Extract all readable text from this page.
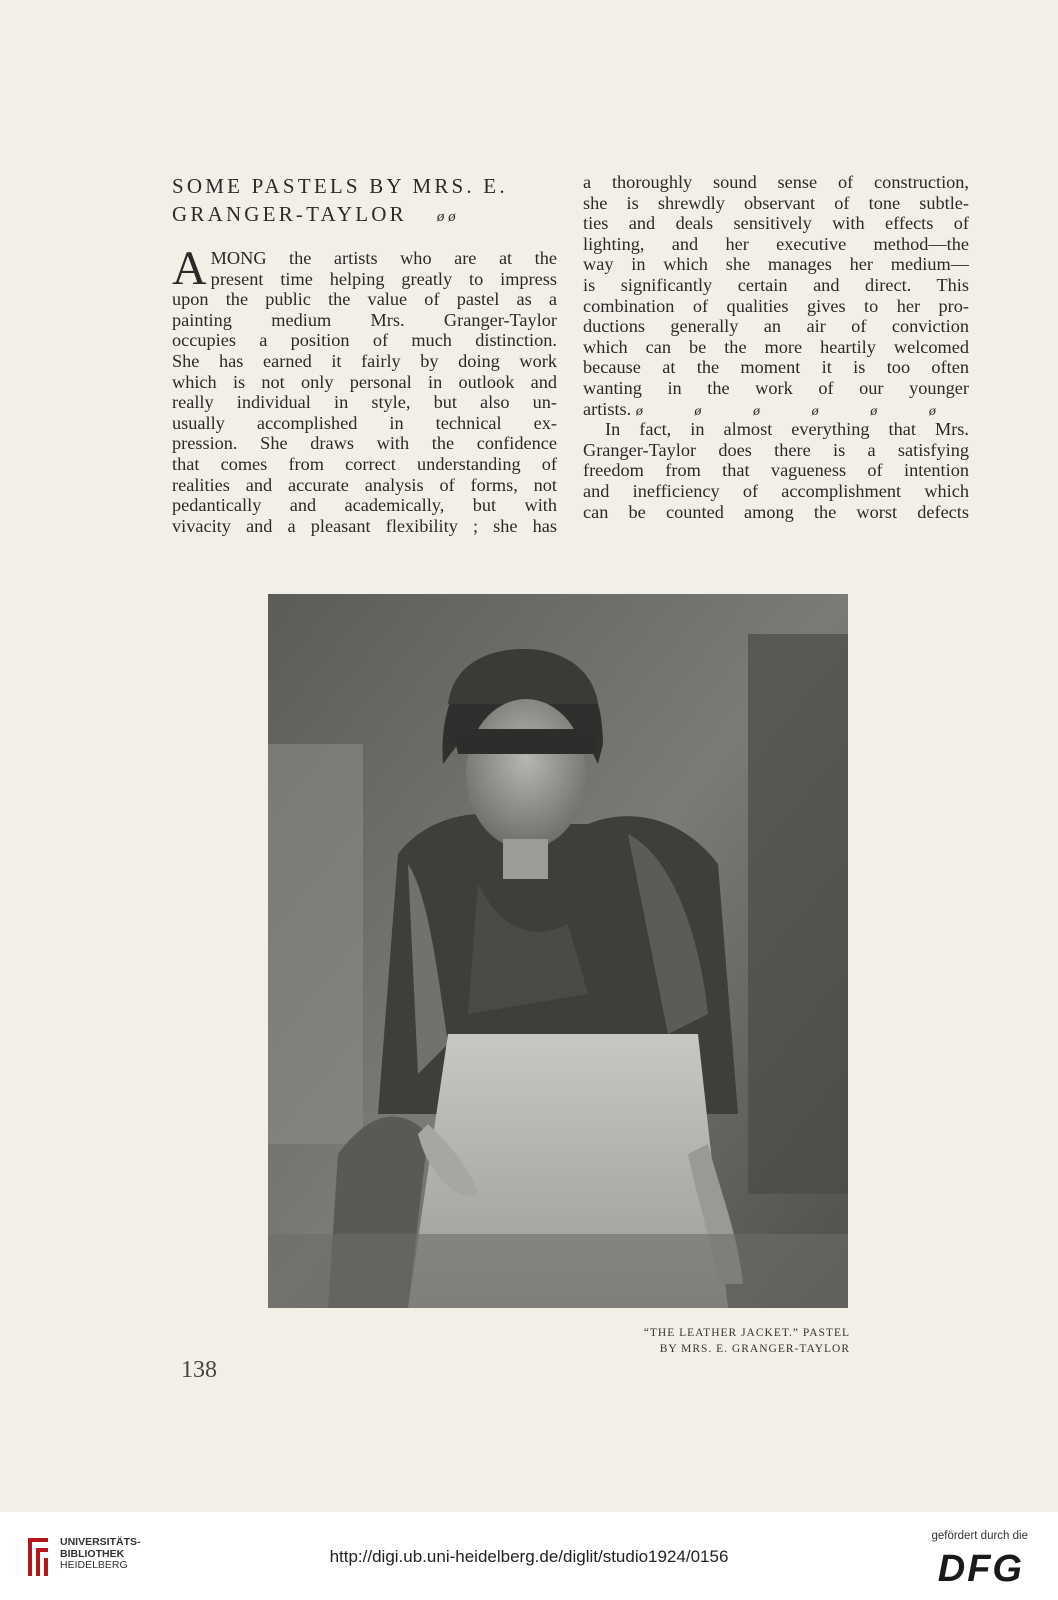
SOME PASTELS BY MRS. E.
GRANGER-TAYLOR ø ø
A MONG the artists who are at the
present time helping greatly to impress
upon the public the value of pastel as a
painting medium Mrs. Granger-Taylor
occupies a position of much distinction.
She has earned it fairly by doing work
which is not only personal in outlook and
really individual in style, but also un-
usually accomplished in technical ex-
pression. She draws with the confidence
that comes from correct understanding of
realities and accurate analysis of forms, not
pedantically and academically, but with
vivacity and a pleasant flexibility ; she has
a thoroughly sound sense of construction,
she is shrewdly observant of tone subtle-
ties and deals sensitively with effects of
lighting, and her executive method—the
way in which she manages her medium—
is significantly certain and direct. This
combination of qualities gives to her pro-
ductions generally an air of conviction
which can be the more heartily welcomed
because at the moment it is too often
wanting in the work of our younger
artists. ø ø ø ø ø ø
In fact, in almost everything that Mrs.
Granger-Taylor does there is a satisfying
freedom from that vagueness of intention
and inefficiency of accomplishment which
can be counted among the worst defects
“THE LEATHER JACKET.” PASTEL
BY MRS. E. GRANGER-TAYLOR
138
UNIVERSITÄTS-
BIBLIOTHEK
HEIDELBERG	http://digi.ub.uni-heidelberg.de/diglit/studio1924/0156
gefördert durch die
DFG
